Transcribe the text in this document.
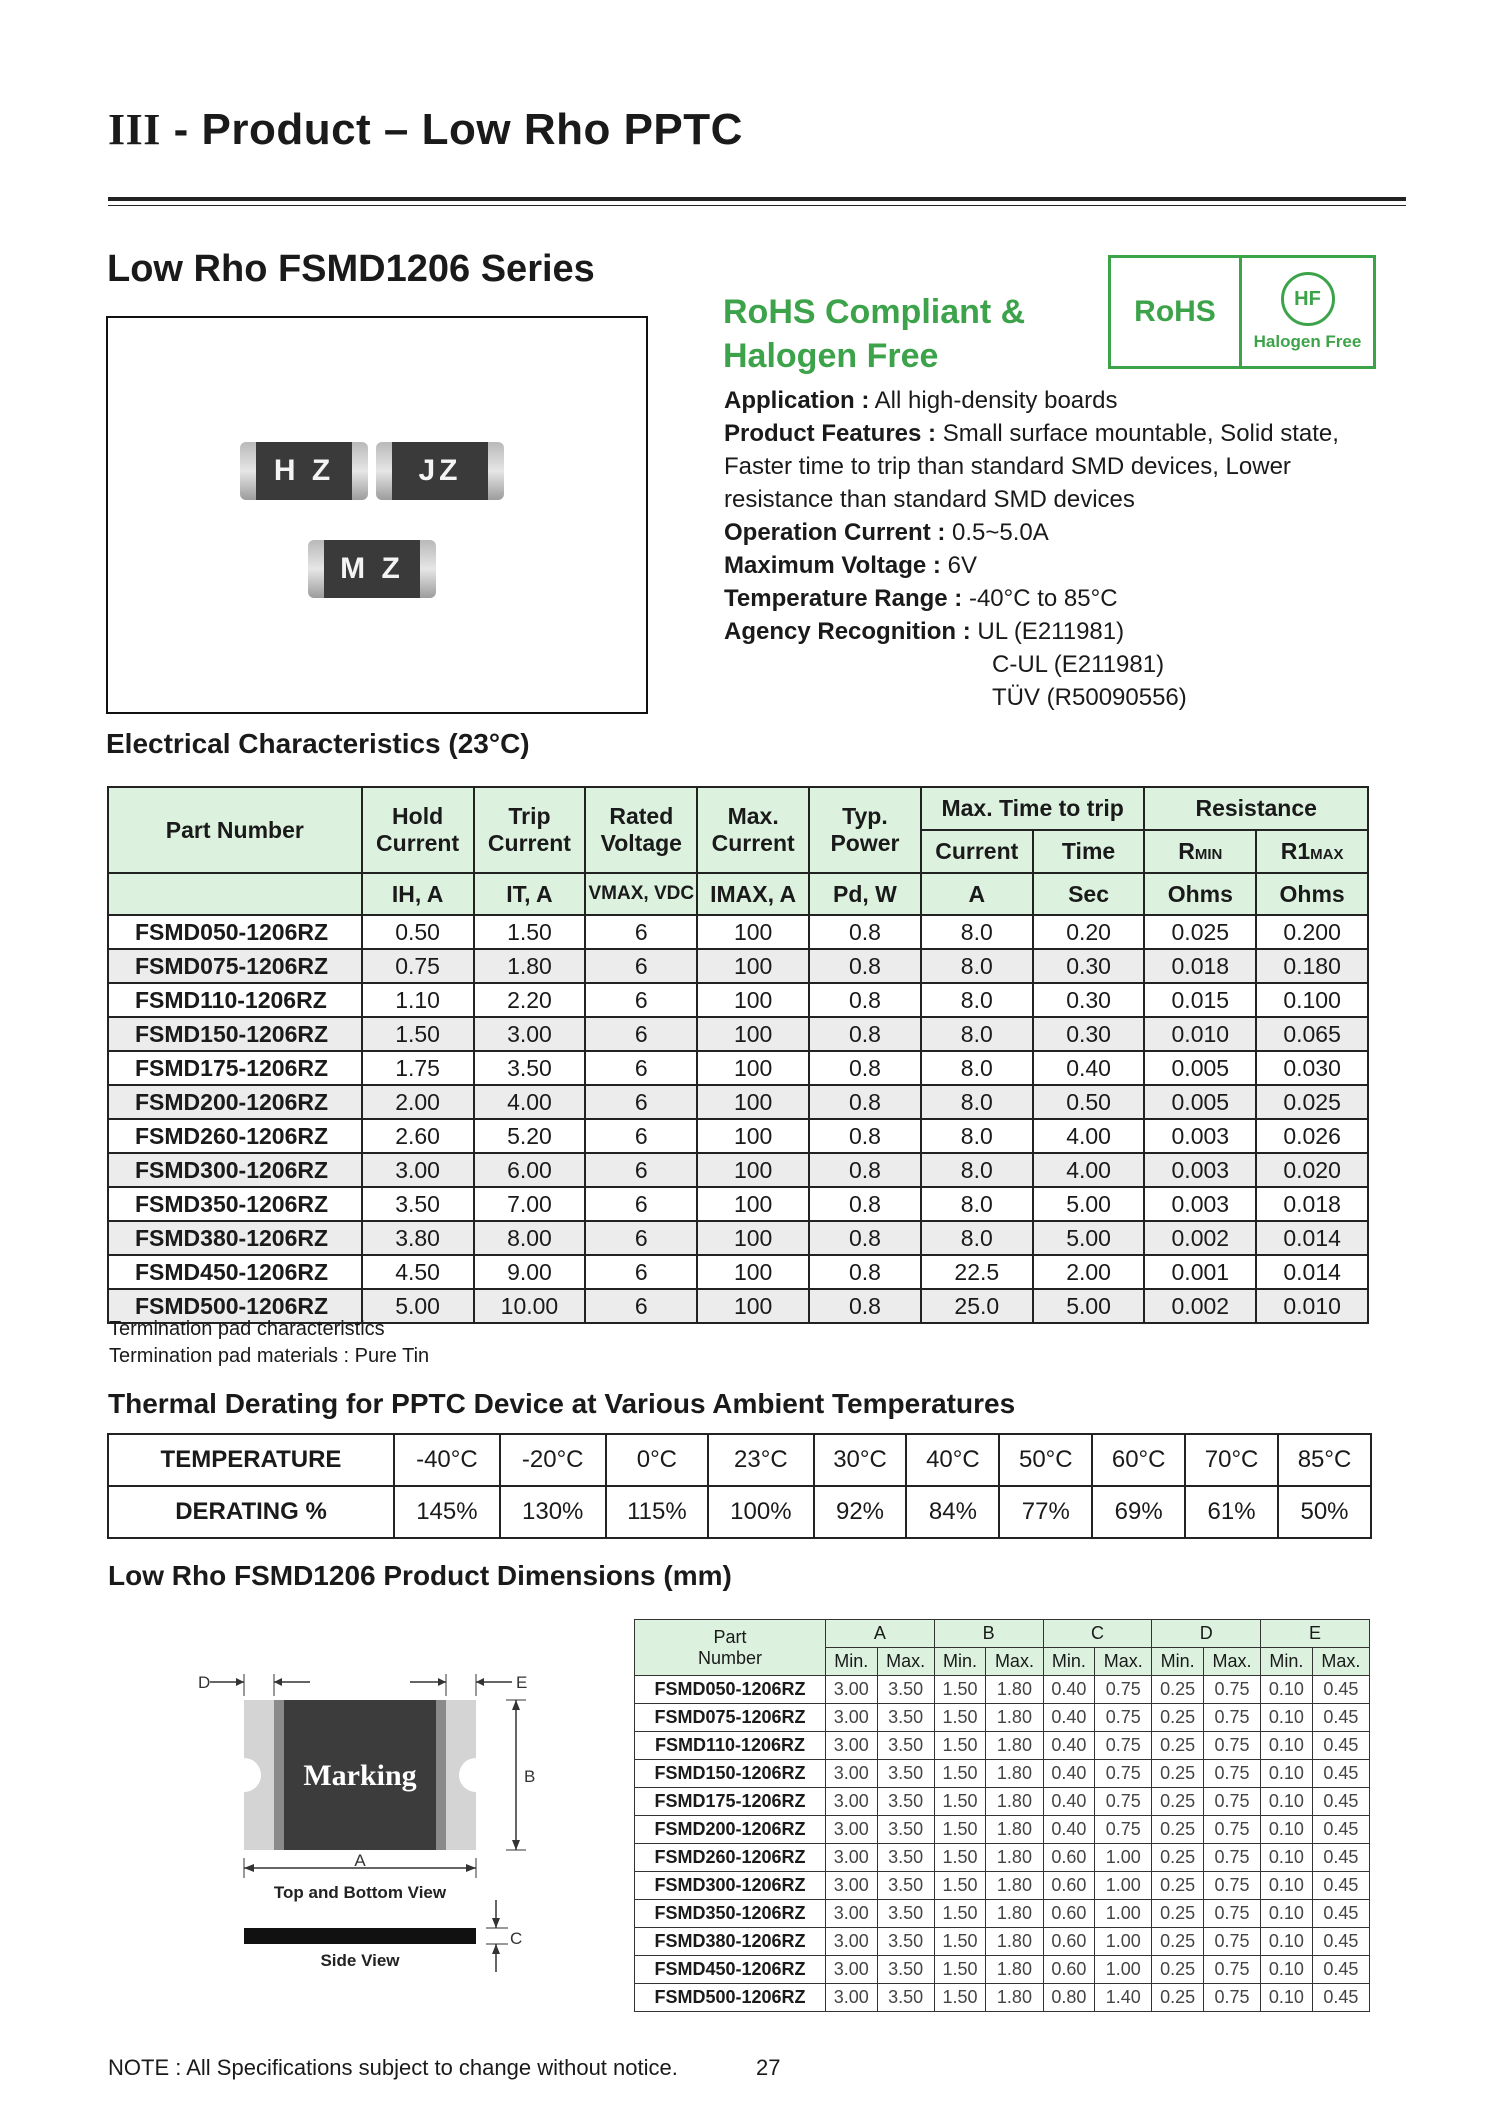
III - Product – Low Rho PPTC
Low Rho FSMD1206 Series
H Z	JZ
M Z
RoHS Compliant &
Halogen Free
RoHS	HF
Halogen Free
Application : All high-density boards
Product Features : Small surface mountable, Solid state, Faster time to trip than standard SMD devices, Lower resistance than standard SMD devices
Operation Current : 0.5~5.0A
Maximum Voltage : 6V
Temperature Range : -40°C to 85°C
Agency Recognition : UL (E211981)
C-UL (E211981)
TÜV (R50090556)
Electrical Characteristics (23°C)
Part Number	Hold Current	Trip Current	Rated Voltage	Max. Current	Typ. Power	Max. Time to trip		Resistance	
						Current	Time	RMIN	R1MAX
	IH, A	IT, A	VMAX, VDC	IMAX, A	Pd, W	A	Sec	Ohms	Ohms
FSMD050-1206RZ	0.50	1.50	6	100	0.8	8.0	0.20	0.025	0.200
FSMD075-1206RZ	0.75	1.80	6	100	0.8	8.0	0.30	0.018	0.180
FSMD110-1206RZ	1.10	2.20	6	100	0.8	8.0	0.30	0.015	0.100
FSMD150-1206RZ	1.50	3.00	6	100	0.8	8.0	0.30	0.010	0.065
FSMD175-1206RZ	1.75	3.50	6	100	0.8	8.0	0.40	0.005	0.030
FSMD200-1206RZ	2.00	4.00	6	100	0.8	8.0	0.50	0.005	0.025
FSMD260-1206RZ	2.60	5.20	6	100	0.8	8.0	4.00	0.003	0.026
FSMD300-1206RZ	3.00	6.00	6	100	0.8	8.0	4.00	0.003	0.020
FSMD350-1206RZ	3.50	7.00	6	100	0.8	8.0	5.00	0.003	0.018
FSMD380-1206RZ	3.80	8.00	6	100	0.8	8.0	5.00	0.002	0.014
FSMD450-1206RZ	4.50	9.00	6	100	0.8	22.5	2.00	0.001	0.014
FSMD500-1206RZ	5.00	10.00	6	100	0.8	25.0	5.00	0.002	0.010
Termination pad characteristics
Termination pad materials : Pure Tin
Thermal Derating for PPTC Device at Various Ambient Temperatures
TEMPERATURE	-40°C	-20°C	0°C	23°C	30°C	40°C	50°C	60°C	70°C	85°C
DERATING %	145%	130%	115%	100%	92%	84%	77%	69%	61%	50%
Low Rho FSMD1206 Product Dimensions (mm)
Marking
D	E
B
A
Top and Bottom View
Side View
C
Part Number	A		B		C		D		E	
	Min.	Max.	Min.	Max.	Min.	Max.	Min.	Max.	Min.	Max.
FSMD050-1206RZ	3.00	3.50	1.50	1.80	0.40	0.75	0.25	0.75	0.10	0.45
FSMD075-1206RZ	3.00	3.50	1.50	1.80	0.40	0.75	0.25	0.75	0.10	0.45
FSMD110-1206RZ	3.00	3.50	1.50	1.80	0.40	0.75	0.25	0.75	0.10	0.45
FSMD150-1206RZ	3.00	3.50	1.50	1.80	0.40	0.75	0.25	0.75	0.10	0.45
FSMD175-1206RZ	3.00	3.50	1.50	1.80	0.40	0.75	0.25	0.75	0.10	0.45
FSMD200-1206RZ	3.00	3.50	1.50	1.80	0.40	0.75	0.25	0.75	0.10	0.45
FSMD260-1206RZ	3.00	3.50	1.50	1.80	0.60	1.00	0.25	0.75	0.10	0.45
FSMD300-1206RZ	3.00	3.50	1.50	1.80	0.60	1.00	0.25	0.75	0.10	0.45
FSMD350-1206RZ	3.00	3.50	1.50	1.80	0.60	1.00	0.25	0.75	0.10	0.45
FSMD380-1206RZ	3.00	3.50	1.50	1.80	0.60	1.00	0.25	0.75	0.10	0.45
FSMD450-1206RZ	3.00	3.50	1.50	1.80	0.60	1.00	0.25	0.75	0.10	0.45
FSMD500-1206RZ	3.00	3.50	1.50	1.80	0.80	1.40	0.25	0.75	0.10	0.45
NOTE : All Specifications subject to change without notice.	27
